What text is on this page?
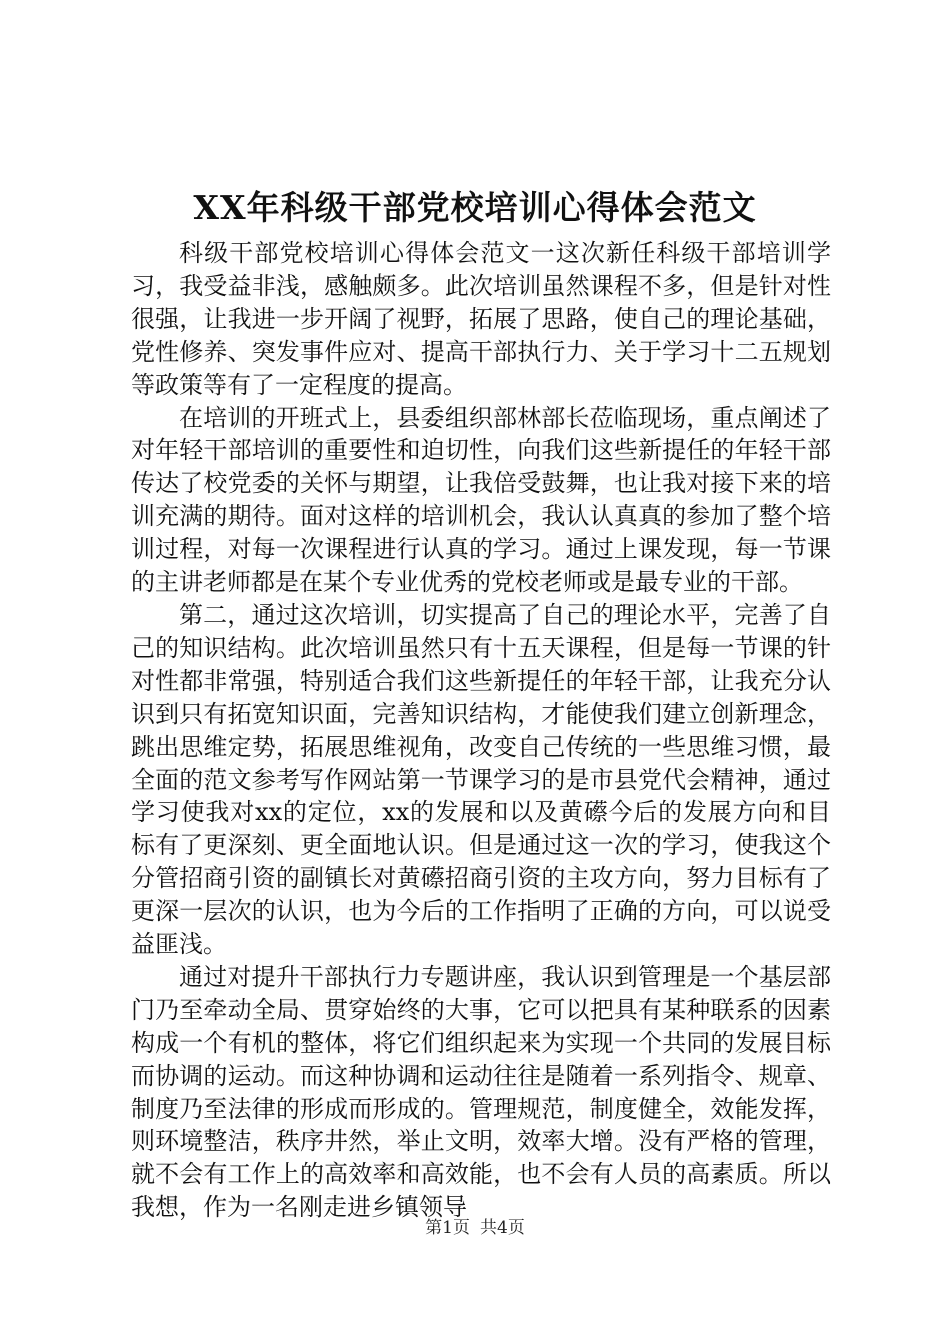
XX年科级干部党校培训心得体会范文

科级干部党校培训心得体会范文一这次新任科级干部培训学习，我受益非浅，感触颇多。此次培训虽然课程不多，但是针对性很强，让我进一步开阔了视野，拓展了思路，使自己的理论基础，党性修养、突发事件应对、提高干部执行力、关于学习十二五规划等政策等有了一定程度的提高。

在培训的开班式上，县委组织部林部长莅临现场，重点阐述了对年轻干部培训的重要性和迫切性，向我们这些新提任的年轻干部传达了校党委的关怀与期望，让我倍受鼓舞，也让我对接下来的培训充满的期待。面对这样的培训机会，我认认真真的参加了整个培训过程，对每一次课程进行认真的学习。通过上课发现，每一节课的主讲老师都是在某个专业优秀的党校老师或是最专业的干部。

第二，通过这次培训，切实提高了自己的理论水平，完善了自己的知识结构。此次培训虽然只有十五天课程，但是每一节课的针对性都非常强，特别适合我们这些新提任的年轻干部，让我充分认识到只有拓宽知识面，完善知识结构，才能使我们建立创新理念，跳出思维定势，拓展思维视角，改变自己传统的一些思维习惯，最全面的范文参考写作网站第一节课学习的是市县党代会精神，通过学习使我对xx的定位，xx的发展和以及黄礤今后的发展方向和目标有了更深刻、更全面地认识。但是通过这一次的学习，使我这个分管招商引资的副镇长对黄礤招商引资的主攻方向，努力目标有了更深一层次的认识，也为今后的工作指明了正确的方向，可以说受益匪浅。

通过对提升干部执行力专题讲座，我认识到管理是一个基层部门乃至牵动全局、贯穿始终的大事，它可以把具有某种联系的因素构成一个有机的整体，将它们组织起来为实现一个共同的发展目标而协调的运动。而这种协调和运动往往是随着一系列指令、规章、制度乃至法律的形成而形成的。管理规范，制度健全，效能发挥，则环境整洁，秩序井然，举止文明，效率大增。没有严格的管理，就不会有工作上的高效率和高效能，也不会有人员的高素质。所以我想，作为一名刚走进乡镇领导

第1页 共4页
